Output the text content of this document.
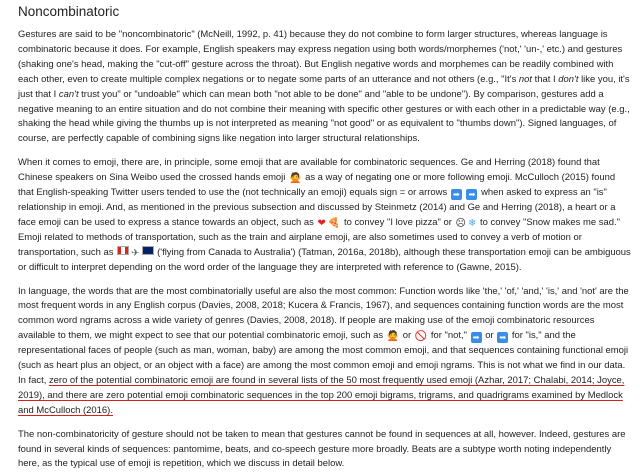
Noncombinatoric

Gestures are said to be "noncombinatoric" (McNeill, 1992, p. 41) because they do not combine to form larger structures, whereas language is combinatoric because it does. For example, English speakers may express negation using both words/morphemes ('not,' 'un-,' etc.) and gestures (shaking one's head, making the "cut-off" gesture across the throat). But English negative words and morphemes can be readily combined with each other, even to create multiple complex negations or to negate some parts of an utterance and not others (e.g., "It's not that I don't like you, it's just that I can't trust you" or "undoable" which can mean both "not able to be done" and "able to be undone"). By comparison, gestures add a negative meaning to an entire situation and do not combine their meaning with specific other gestures or with each other in a predictable way (e.g., shaking the head while giving the thumbs up is not interpreted as meaning "not good" or as equivalent to "thumbs down"). Signed languages, of course, are perfectly capable of combining signs like negation into larger structural relationships.

When it comes to emoji, there are, in principle, some emoji that are available for combinatoric sequences. Ge and Herring (2018) found that Chinese speakers on Sina Weibo used the crossed hands emoji 🙅 as a way of negating one or more following emoji. McCulloch (2015) found that English-speaking Twitter users tended to use the (not technically an emoji) equals sign = or arrows ➡ ➡ when asked to express an "is" relationship in emoji. And, as mentioned in the previous subsection and discussed by Steinmetz (2014) and Ge and Herring (2018), a heart or a face emoji can be used to express a stance towards an object, such as ❤ 🍕 to convey "I love pizza" or ☹ ❄ to convey "Snow makes me sad." Emoji related to methods of transportation, such as the train and airplane emoji, are also sometimes used to convey a verb of motion or transportation, such as ✈ ('flying from Canada to Australia') (Tatman, 2016a, 2018b), although these transportation emoji can be ambiguous or difficult to interpret depending on the word order of the language they are interpreted with reference to (Gawne, 2015).

In language, the words that are the most combinatorially useful are also the most common: Function words like 'the,' 'of,' 'and,' 'is,' and 'not' are the most frequent words in any English corpus (Davies, 2008, 2018; Kucera & Francis, 1967), and sequences containing function words are the most common word ngrams across a wide variety of genres (Davies, 2008, 2018). If people are making use of the emoji combinatoric resources available to them, we might expect to see that our potential combinatoric emoji, such as 🙅 or 🚫 for "not," ➡ or ➡ for "is," and the representational faces of people (such as man, woman, baby) are among the most common emoji, and that sequences containing functional emoji (such as heart plus an object, or an object with a face) are among the most common emoji and emoji ngrams. This is not what we find in our data. In fact, zero of the potential combinatoric emoji are found in several lists of the 50 most frequently used emoji (Azhar, 2017; Chalabi, 2014; Joyce, 2019), and there are zero potential emoji combinatoric sequences in the top 200 emoji bigrams, trigrams, and quadrigrams examined by Medlock and McCulloch (2016).

The non-combinatoricity of gesture should not be taken to mean that gestures cannot be found in sequences at all, however. Indeed, gestures are found in several kinds of sequences: pantomime, beats, and co-speech gesture more broadly. Beats are a subtype worth noting independently here, as the typical use of emoji is repetition, which we discuss in detail below.
